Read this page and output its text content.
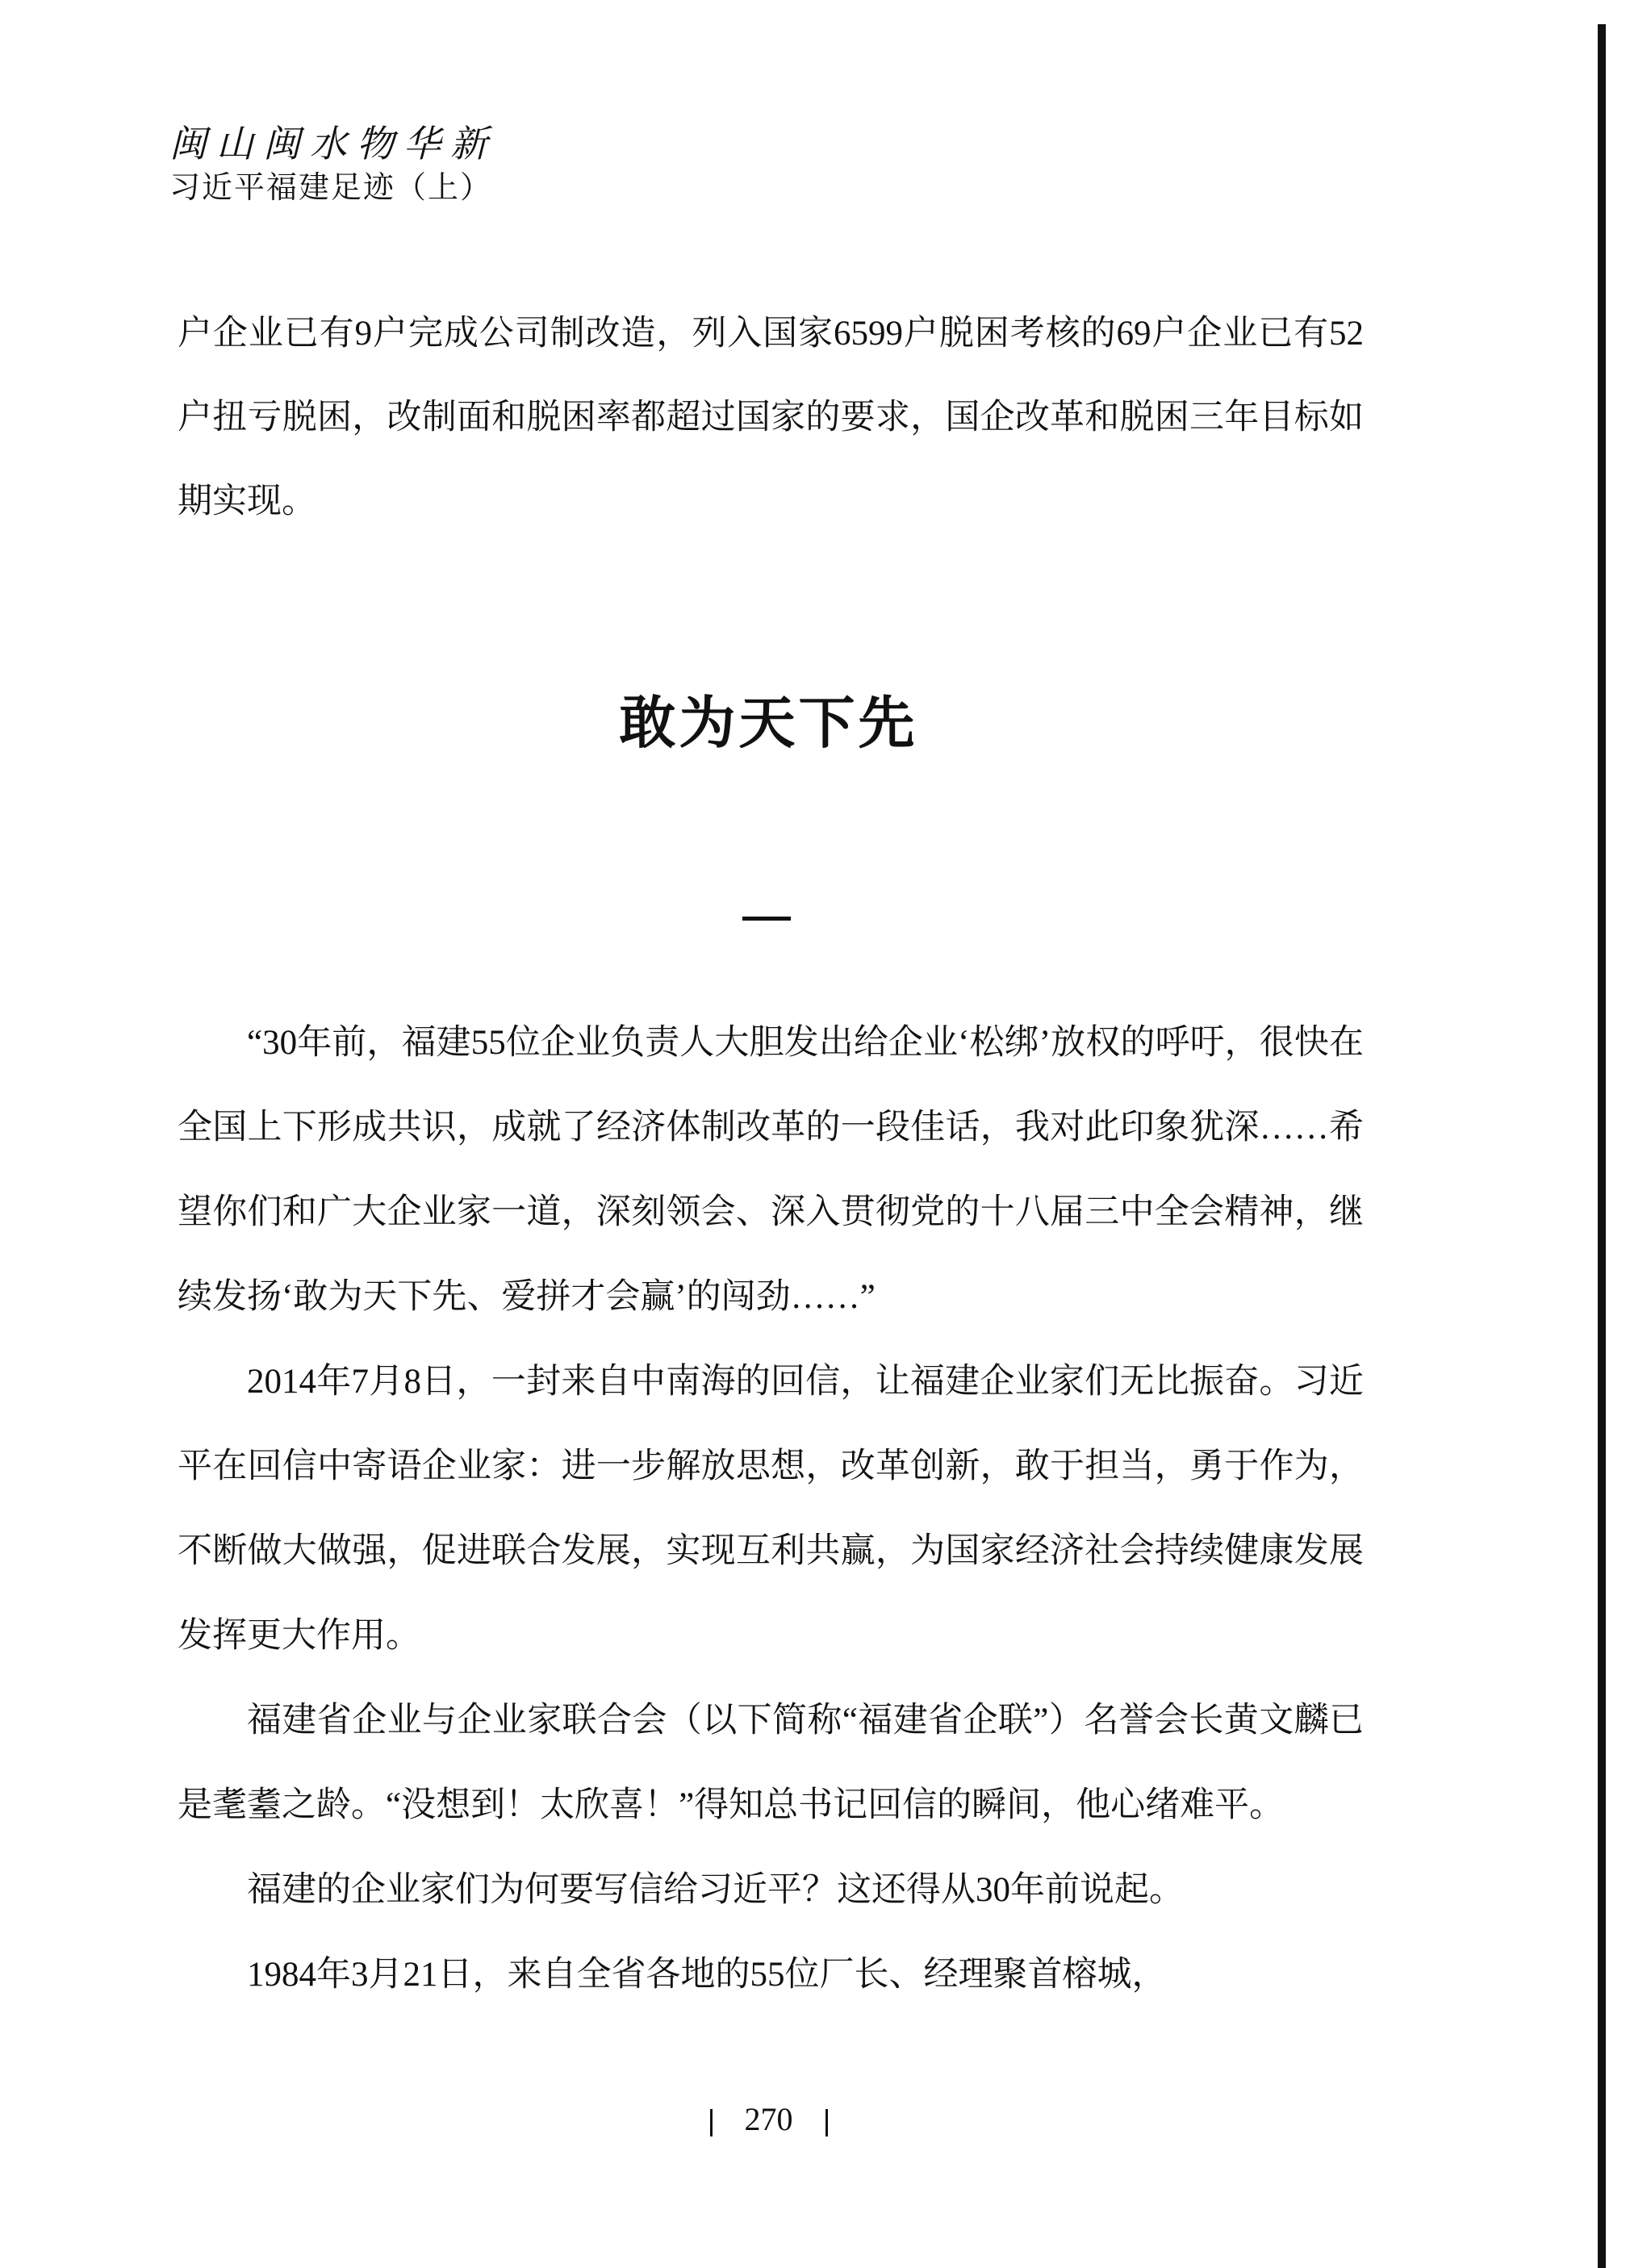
闽山闽水物华新
习近平福建足迹（上）
户企业已有9户完成公司制改造，列入国家6599户脱困考核的69户企业已有52户扭亏脱困，改制面和脱困率都超过国家的要求，国企改革和脱困三年目标如期实现。
敢为天下先

“30年前，福建55位企业负责人大胆发出给企业‘松绑’放权的呼吁，很快在全国上下形成共识，成就了经济体制改革的一段佳话，我对此印象犹深……希望你们和广大企业家一道，深刻领会、深入贯彻党的十八届三中全会精神，继续发扬‘敢为天下先、爱拼才会赢’的闯劲……”

2014年7月8日，一封来自中南海的回信，让福建企业家们无比振奋。习近平在回信中寄语企业家：进一步解放思想，改革创新，敢于担当，勇于作为，不断做大做强，促进联合发展，实现互利共赢，为国家经济社会持续健康发展发挥更大作用。

福建省企业与企业家联合会（以下简称“福建省企联”）名誉会长黄文麟已是耄耋之龄。“没想到！太欣喜！”得知总书记回信的瞬间，他心绪难平。

福建的企业家们为何要写信给习近平？这还得从30年前说起。

1984年3月21日，来自全省各地的55位厂长、经理聚首榕城，

270
